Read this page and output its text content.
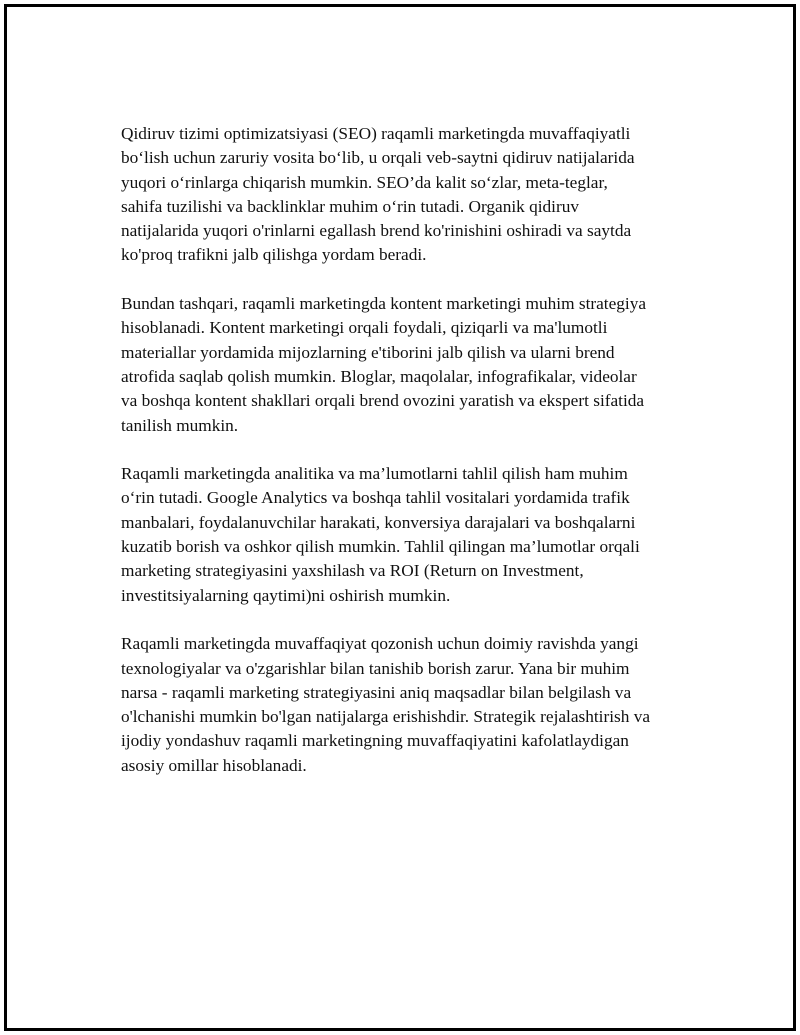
Qidiruv tizimi optimizatsiyasi (SEO) raqamli marketingda muvaffaqiyatli
bo‘lish uchun zaruriy vosita bo‘lib, u orqali veb-saytni qidiruv natijalarida
yuqori o‘rinlarga chiqarish mumkin. SEO’da kalit so‘zlar, meta-teglar,
sahifa tuzilishi va backlinklar muhim o‘rin tutadi. Organik qidiruv
natijalarida yuqori o'rinlarni egallash brend ko'rinishini oshiradi va saytda
ko'proq trafikni jalb qilishga yordam beradi.

Bundan tashqari, raqamli marketingda kontent marketingi muhim strategiya
hisoblanadi. Kontent marketingi orqali foydali, qiziqarli va ma'lumotli
materiallar yordamida mijozlarning e'tiborini jalb qilish va ularni brend
atrofida saqlab qolish mumkin. Bloglar, maqolalar, infografikalar, videolar
va boshqa kontent shakllari orqali brend ovozini yaratish va ekspert sifatida
tanilish mumkin.

Raqamli marketingda analitika va ma’lumotlarni tahlil qilish ham muhim
o‘rin tutadi. Google Analytics va boshqa tahlil vositalari yordamida trafik
manbalari, foydalanuvchilar harakati, konversiya darajalari va boshqalarni
kuzatib borish va oshkor qilish mumkin. Tahlil qilingan ma’lumotlar orqali
marketing strategiyasini yaxshilash va ROI (Return on Investment,
investitsiyalarning qaytimi)ni oshirish mumkin.

Raqamli marketingda muvaffaqiyat qozonish uchun doimiy ravishda yangi
texnologiyalar va o'zgarishlar bilan tanishib borish zarur. Yana bir muhim
narsa - raqamli marketing strategiyasini aniq maqsadlar bilan belgilash va
o'lchanishi mumkin bo'lgan natijalarga erishishdir. Strategik rejalashtirish va
ijodiy yondashuv raqamli marketingning muvaffaqiyatini kafolatlaydigan
asosiy omillar hisoblanadi.
